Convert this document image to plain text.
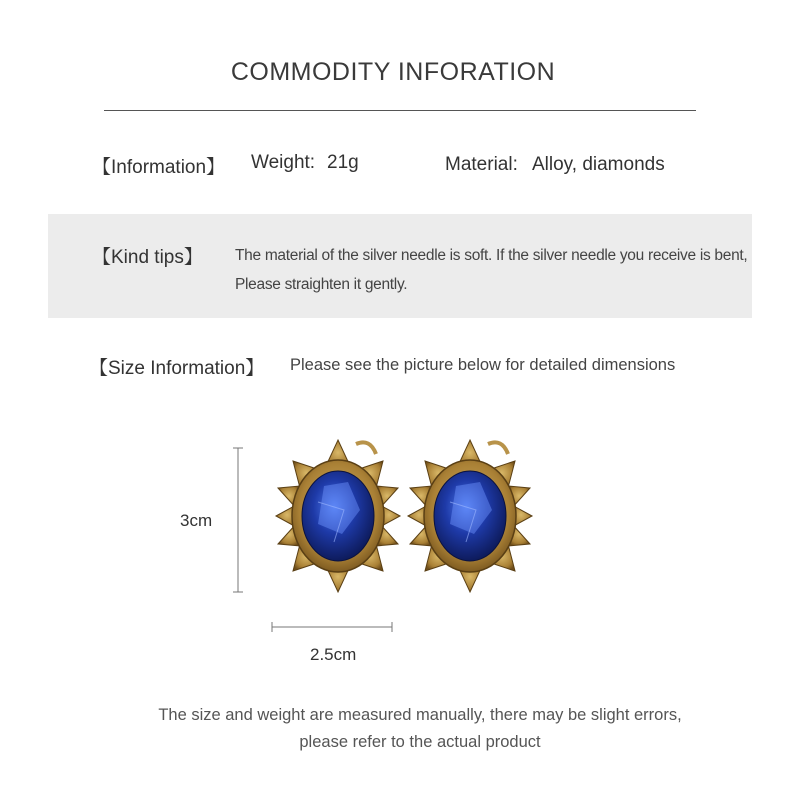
COMMODITY INFORATION
【Information】 Weight: 21g	Material: Alloy, diamonds
【Kind tips】 The material of the silver needle is soft. If the silver needle you receive is bent,
Please straighten it gently.
【Size Information】 Please see the picture below for detailed dimensions
3cm
2.5cm
The size and weight are measured manually, there may be slight errors,
please refer to the actual product
